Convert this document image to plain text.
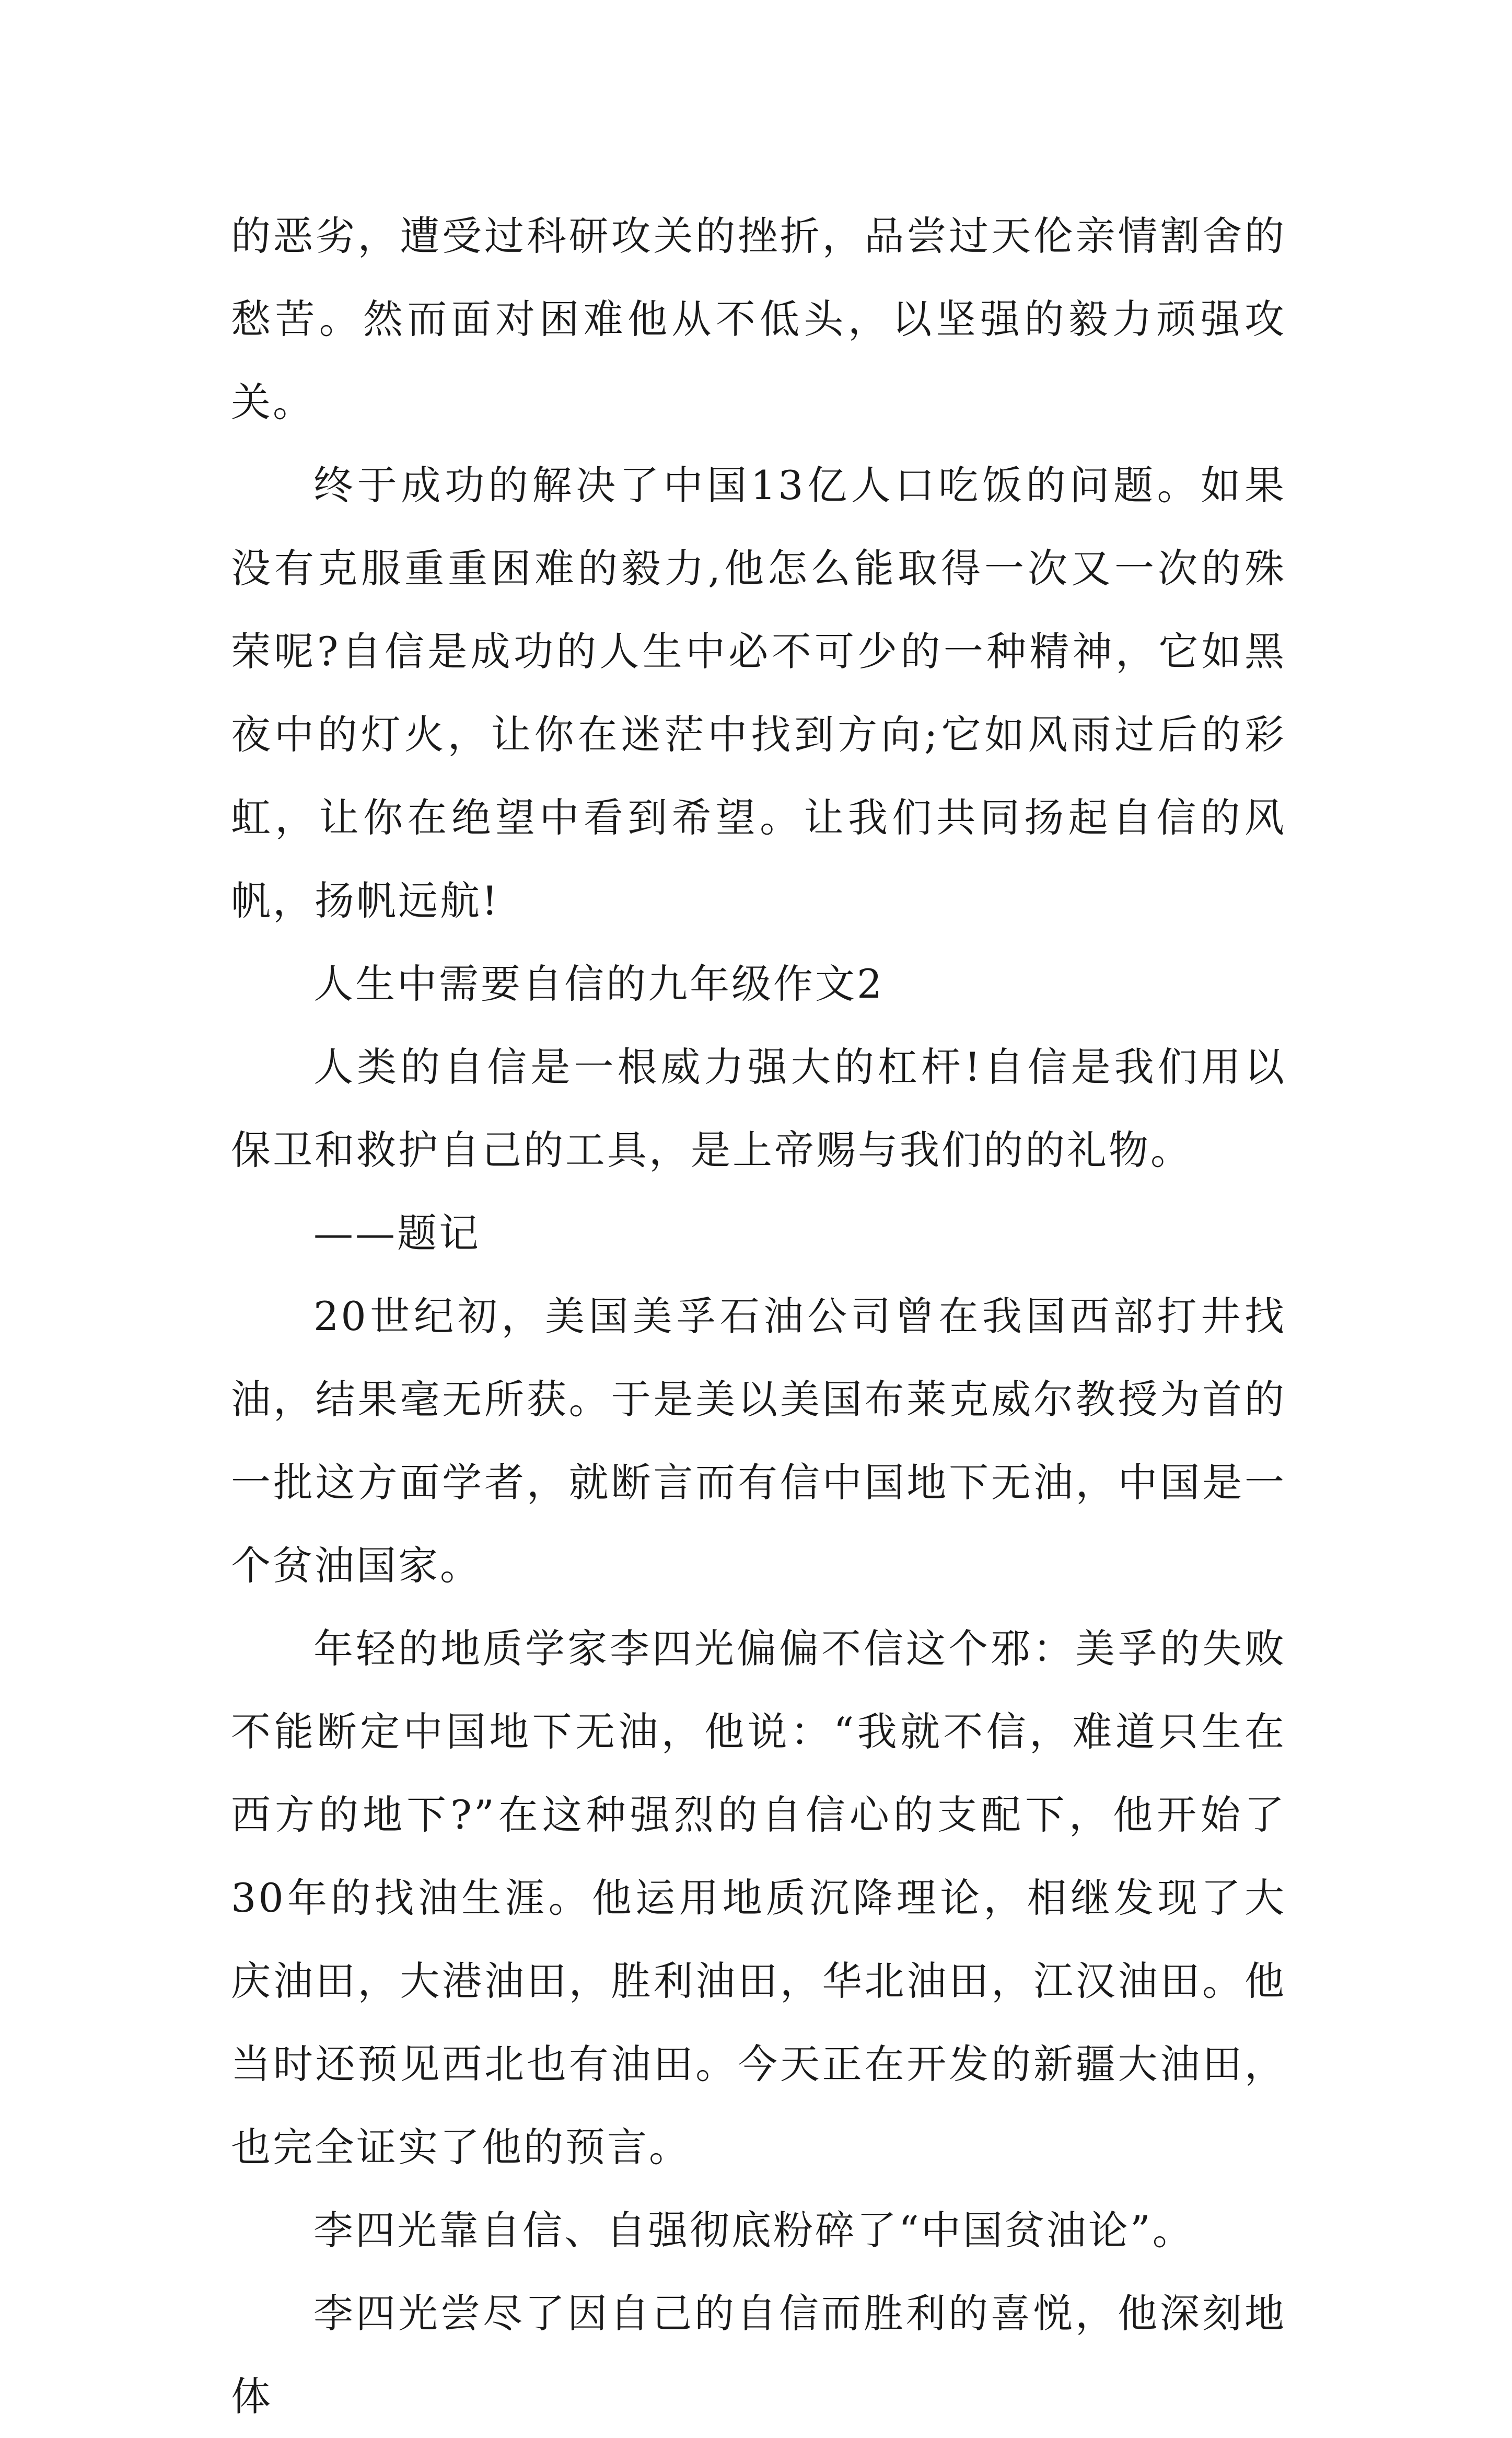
的恶劣，遭受过科研攻关的挫折，品尝过天伦亲情割舍的愁苦。然而面对困难他从不低头，以坚强的毅力顽强攻关。

终于成功的解决了中国13亿人口吃饭的问题。如果没有克服重重困难的毅力,他怎么能取得一次又一次的殊荣呢?自信是成功的人生中必不可少的一种精神，它如黑夜中的灯火，让你在迷茫中找到方向;它如风雨过后的彩虹，让你在绝望中看到希望。让我们共同扬起自信的风帆，扬帆远航!

人生中需要自信的九年级作文2

人类的自信是一根威力强大的杠杆!自信是我们用以保卫和救护自己的工具，是上帝赐与我们的的礼物。

——题记

20世纪初，美国美孚石油公司曾在我国西部打井找油，结果毫无所获。于是美以美国布莱克威尔教授为首的一批这方面学者，就断言而有信中国地下无油，中国是一个贫油国家。

年轻的地质学家李四光偏偏不信这个邪：美孚的失败不能断定中国地下无油，他说：“我就不信，难道只生在西方的地下?”在这种强烈的自信心的支配下，他开始了30年的找油生涯。他运用地质沉降理论，相继发现了大庆油田，大港油田，胜利油田，华北油田，江汉油田。他当时还预见西北也有油田。今天正在开发的新疆大油田，也完全证实了他的预言。

李四光靠自信、自强彻底粉碎了“中国贫油论”。

李四光尝尽了因自己的自信而胜利的喜悦，他深刻地体
